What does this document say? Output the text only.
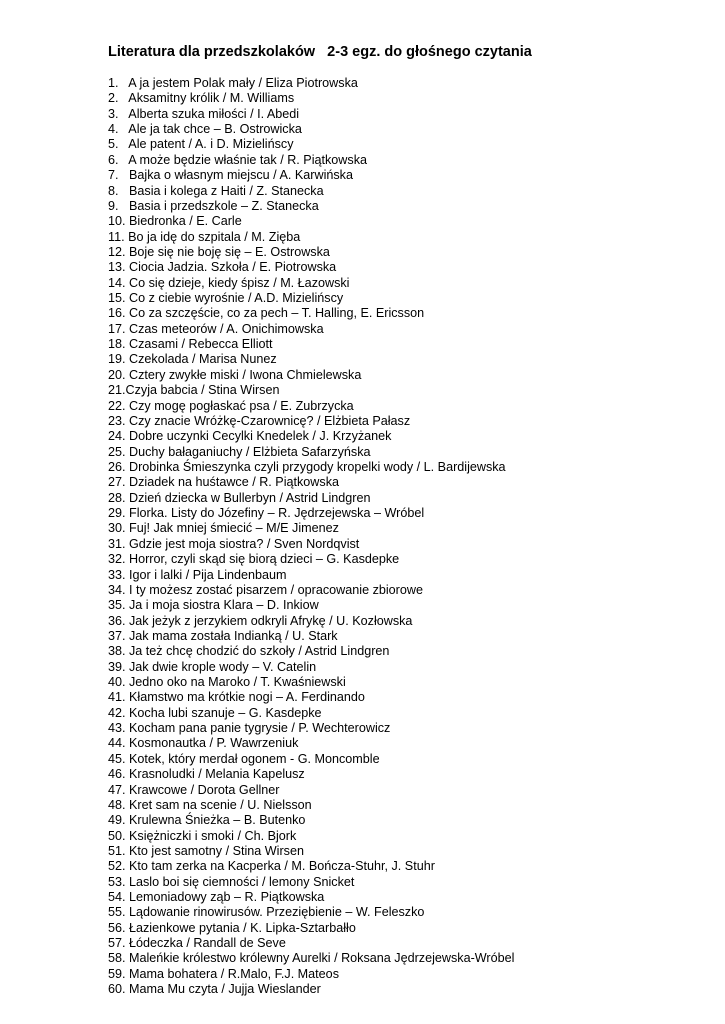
Literatura dla przedszkolaków   2-3 egz. do głośnego czytania
1.   A ja jestem Polak mały / Eliza Piotrowska
2.   Aksamitny królik / M. Williams
3.   Alberta szuka miłości / I. Abedi
4.   Ale ja tak chce – B. Ostrowicka
5.   Ale patent / A. i D. Mizielińscy
6.   A może będzie właśnie tak / R. Piątkowska
7.   Bajka o własnym miejscu / A. Karwińska
8.   Basia i kolega z Haiti / Z. Stanecka
9.   Basia i przedszkole – Z. Stanecka
10. Biedronka / E. Carle
11. Bo ja idę do szpitala / M. Zięba
12. Boje się nie boję się – E. Ostrowska
13. Ciocia Jadzia. Szkoła / E. Piotrowska
14. Co się dzieje, kiedy śpisz / M. Łazowski
15. Co z ciebie wyrośnie / A.D. Mizielińscy
16. Co za szczęście, co za pech – T. Halling, E. Ericsson
17. Czas meteorów / A. Onichimowska
18. Czasami / Rebecca Elliott
19. Czekolada / Marisa Nunez
20. Cztery zwykłe miski / Iwona Chmielewska
21.Czyja babcia / Stina Wirsen
22. Czy mogę pogłaskać psa / E. Zubrzycka
23. Czy znacie Wróżkę-Czarownicę? / Elżbieta Pałasz
24. Dobre uczynki Cecylki Knedelek / J. Krzyżanek
25. Duchy bałaganiuchy / Elżbieta Safarzyńska
26. Drobinka Śmieszynka czyli przygody kropelki wody / L. Bardijewska
27. Dziadek na huśtawce / R. Piątkowska
28. Dzień dziecka w Bullerbyn / Astrid Lindgren
29. Florka. Listy do Józefiny – R. Jędrzejewska – Wróbel
30. Fuj! Jak mniej śmiecić – M/E Jimenez
31. Gdzie jest moja siostra? / Sven Nordqvist
32. Horror, czyli skąd się biorą dzieci – G. Kasdepke
33. Igor i lalki / Pija Lindenbaum
34. I ty możesz zostać pisarzem / opracowanie zbiorowe
35. Ja i moja siostra Klara – D. Inkiow
36. Jak jeżyk z jerzykiem odkryli Afrykę / U. Kozłowska
37. Jak mama została Indianką / U. Stark
38. Ja też chcę chodzić do szkoły / Astrid Lindgren
39. Jak dwie krople wody – V. Catelin
40. Jedno oko na Maroko / T. Kwaśniewski
41. Kłamstwo ma krótkie nogi – A. Ferdinando
42. Kocha lubi szanuje – G. Kasdepke
43. Kocham pana panie tygrysie / P. Wechterowicz
44. Kosmonautka / P. Wawrzeniuk
45. Kotek, który merdał ogonem - G. Moncomble
46. Krasnoludki / Melania Kapelusz
47. Krawcowe / Dorota Gellner
48. Kret sam na scenie / U. Nielsson
49. Krulewna Śnieżka – B. Butenko
50. Księżniczki i smoki / Ch. Bjork
51. Kto jest samotny / Stina Wirsen
52. Kto tam zerka na Kacperka / M. Bończa-Stuhr, J. Stuhr
53. Laslo boi się ciemności / lemony Snicket
54. Lemoniadowy ząb – R. Piątkowska
55. Lądowanie rinowirusów. Przeziębienie – W. Feleszko
56. Łazienkowe pytania / K. Lipka-Sztarbałło
57. Łódeczka / Randall de Seve
58. Maleńkie królestwo królewny Aurelki / Roksana Jędrzejewska-Wróbel
59. Mama bohatera / R.Malo, F.J. Mateos
60. Mama Mu czyta / Jujja Wieslander
